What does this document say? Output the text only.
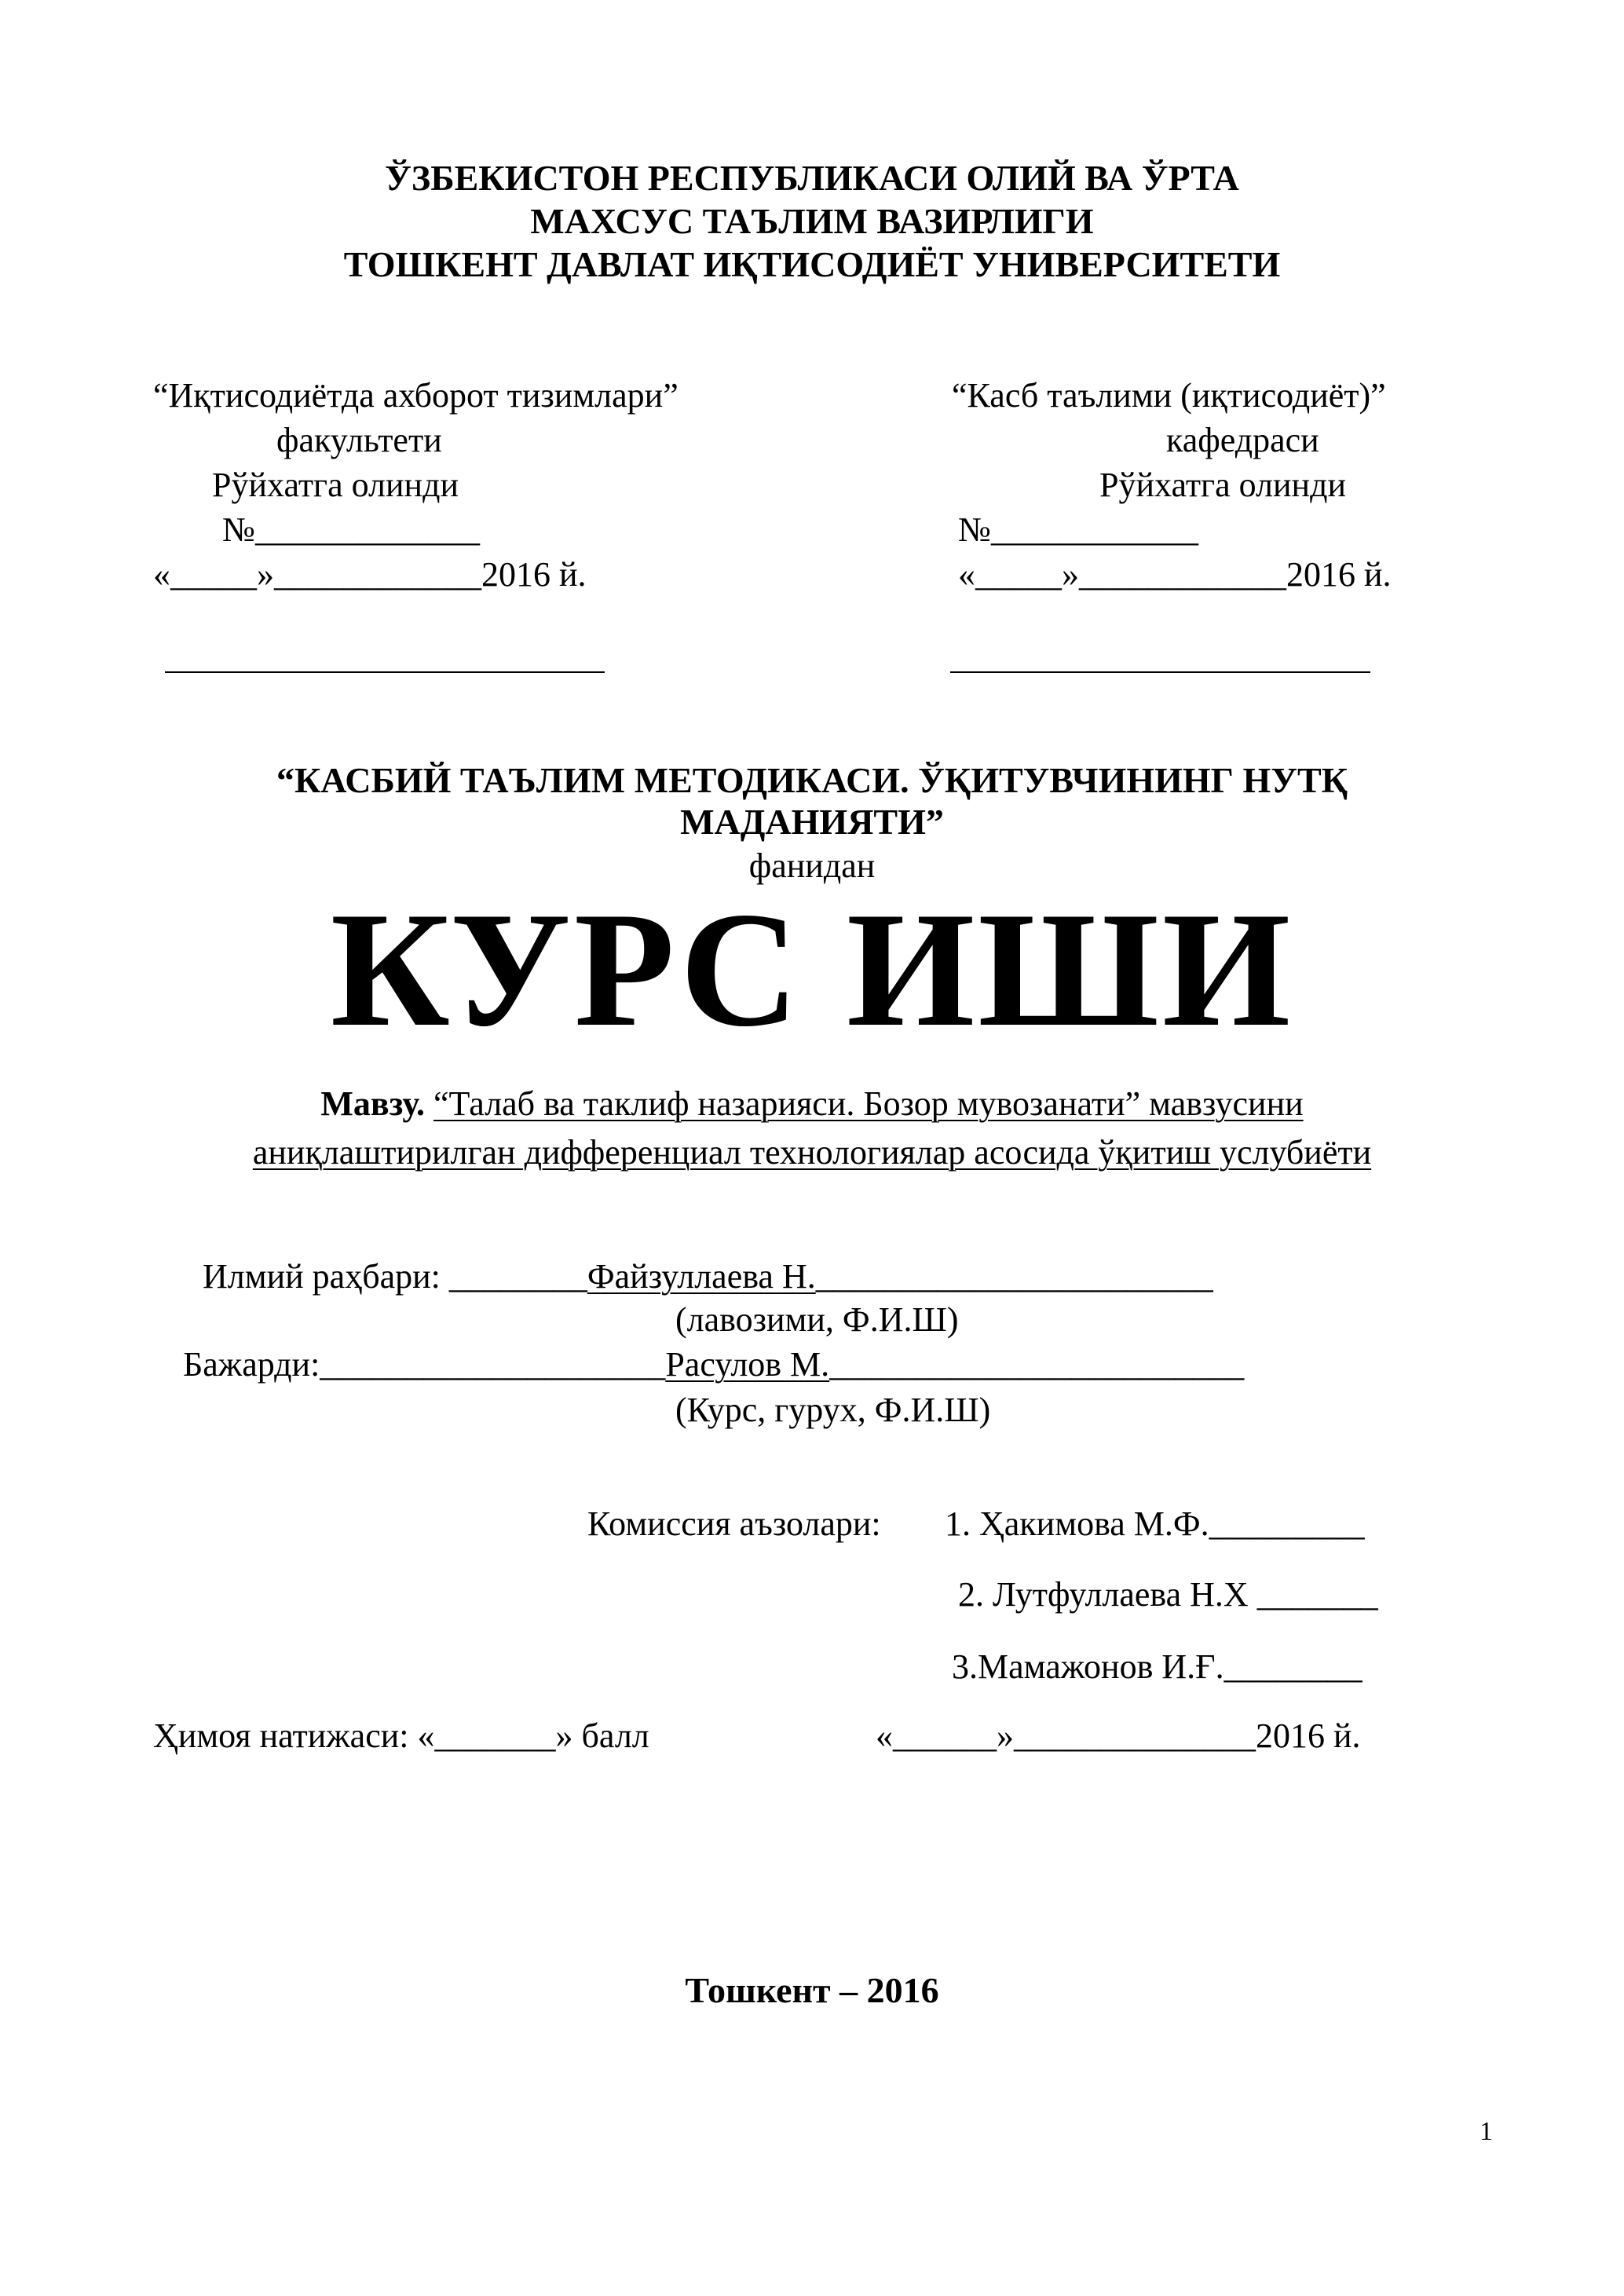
ЎЗБЕКИСТОН РЕСПУБЛИКАСИ ОЛИЙ ВА ЎРТА
МАХСУС ТАЪЛИМ ВАЗИРЛИГИ
ТОШКЕНТ ДАВЛАТ ИҚТИСОДИЁТ УНИВЕРСИТЕТИ
“Иқтисодиётда ахборот тизимлари”
факультети
Рўйхатга олинди
№_____________
«_____»____________2016 й.
“Касб таълими (иқтисодиёт)”
кафедраси
Рўйхатга олинди
№____________
«_____»____________2016 й.
“КАСБИЙ ТАЪЛИМ МЕТОДИКАСИ. ЎҚИТУВЧИНИНГ НУТҚ
МАДАНИЯТИ”
фанидан
КУРС ИШИ
Мавзу. “Талаб ва таклиф назарияси. Бозор мувозанати” мавзусини
аниқлаштирилган дифференциал технологиялар асосида ўқитиш услубиёти
Илмий раҳбари: ________Файзуллаева Н._______________________
(лавозими, Ф.И.Ш)
Бажарди:____________________Расулов М.________________________
(Курс, гурух, Ф.И.Ш)
Комиссия аъзолари: 1. Ҳакимова М.Ф._________
2. Лутфуллаева Н.Х _______
3.Мамажонов И.Ғ.________
Ҳимоя натижаси: «_______» балл	«______»______________2016 й.
Тошкент – 2016
1
